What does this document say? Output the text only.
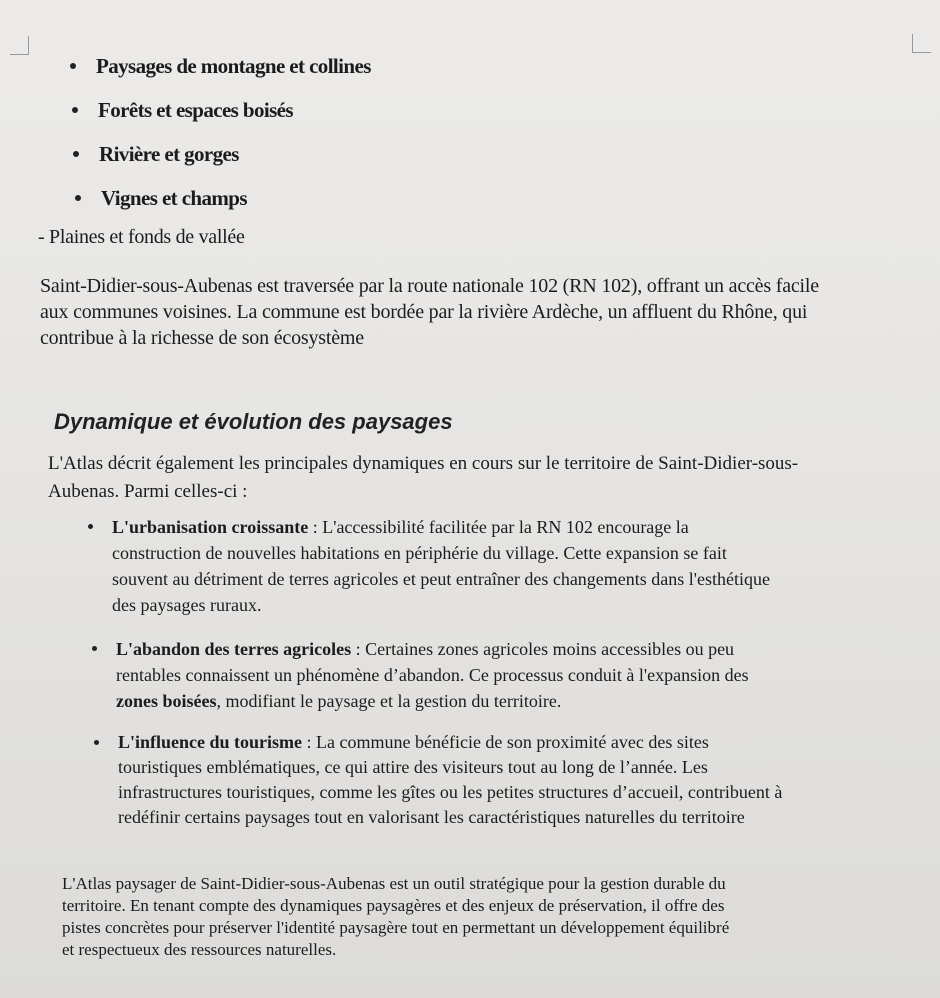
Paysages de montagne et collines
Forêts et espaces boisés
Rivière et gorges
Vignes et champs
- Plaines et fonds de vallée
Saint-Didier-sous-Aubenas est traversée par la route nationale 102 (RN 102), offrant un accès facile
aux communes voisines. La commune est bordée par la rivière Ardèche, un affluent du Rhône, qui
contribue à la richesse de son écosystème
Dynamique et évolution des paysages
L'Atlas décrit également les principales dynamiques en cours sur le territoire de Saint-Didier-sous-
Aubenas. Parmi celles-ci :
L'urbanisation croissante : L'accessibilité facilitée par la RN 102 encourage la
construction de nouvelles habitations en périphérie du village. Cette expansion se fait
souvent au détriment de terres agricoles et peut entraîner des changements dans l'esthétique
des paysages ruraux.
L'abandon des terres agricoles : Certaines zones agricoles moins accessibles ou peu
rentables connaissent un phénomène d’abandon. Ce processus conduit à l'expansion des
zones boisées, modifiant le paysage et la gestion du territoire.
L'influence du tourisme : La commune bénéficie de son proximité avec des sites
touristiques emblématiques, ce qui attire des visiteurs tout au long de l’année. Les
infrastructures touristiques, comme les gîtes ou les petites structures d’accueil, contribuent à
redéfinir certains paysages tout en valorisant les caractéristiques naturelles du territoire
L'Atlas paysager de Saint-Didier-sous-Aubenas est un outil stratégique pour la gestion durable du
territoire. En tenant compte des dynamiques paysagères et des enjeux de préservation, il offre des
pistes concrètes pour préserver l'identité paysagère tout en permettant un développement équilibré
et respectueux des ressources naturelles.
